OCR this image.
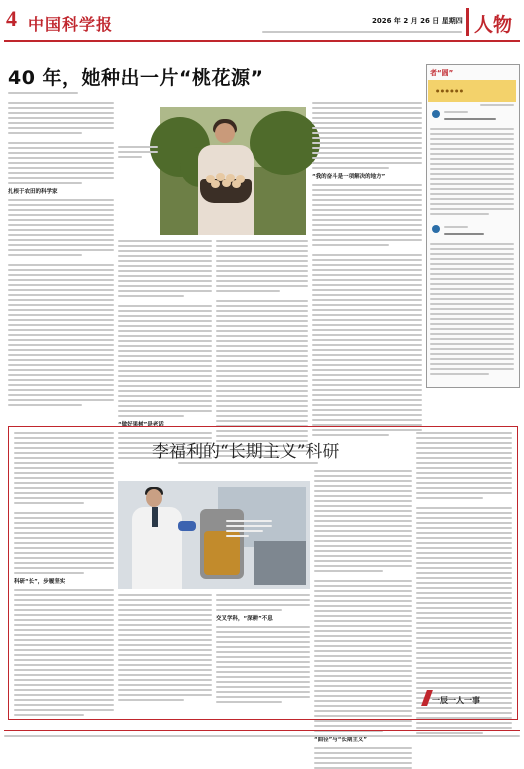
4 中国科学报	2026 年 2 月 26 日 星期四 人物
40 年，她种出一片“桃花源”
扎根于农田的科学家
“做好果树”是老话
“我的奋斗是一项解决的地方”
者“圆”
● ● ● ● ● ●
李福利的“长期主义”科研
科研“长”，步履坚实
交叉学科，“深耕”不息
“曲径”与“长期主义”
一辰一人一事
